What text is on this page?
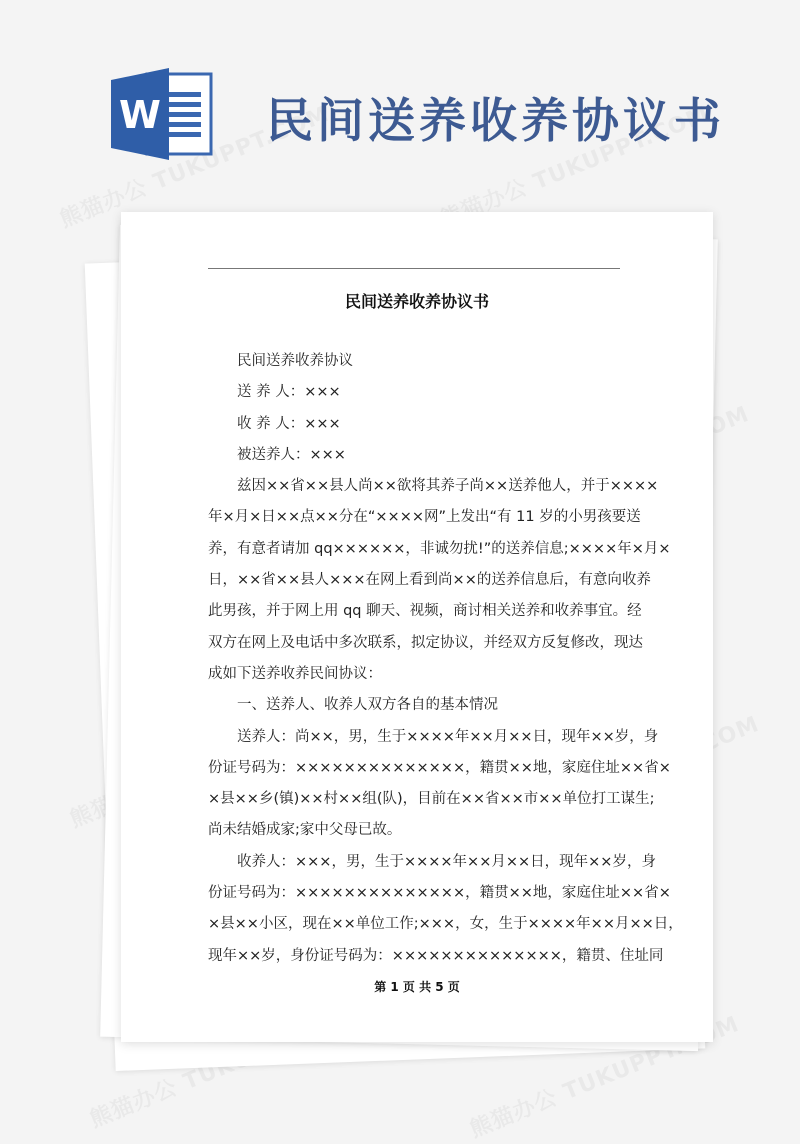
W 民间送养收养协议书
民间送养收养协议书
民间送养收养协议
送 养 人：×××
收 养 人：×××
被送养人：×××
兹因××省××县人尚××欲将其养子尚××送养他人，并于××××
年×月×日××点××分在“××××网”上发出“有 11 岁的小男孩要送
养，有意者请加 qq××××××，非诚勿扰!”的送养信息;××××年×月×
日，××省××县人×××在网上看到尚××的送养信息后，有意向收养
此男孩，并于网上用 qq 聊天、视频，商讨相关送养和收养事宜。经
双方在网上及电话中多次联系，拟定协议，并经双方反复修改，现达
成如下送养收养民间协议：
一、送养人、收养人双方各自的基本情况
送养人：尚××，男，生于××××年××月××日，现年××岁，身
份证号码为：××××××××××××××，籍贯××地，家庭住址××省×
×县××乡(镇)××村××组(队)，目前在××省××市××单位打工谋生;
尚未结婚成家;家中父母已故。
收养人：×××，男，生于××××年××月××日，现年××岁，身
份证号码为：××××××××××××××，籍贯××地，家庭住址××省×
×县××小区，现在××单位工作;×××，女，生于××××年××月××日，
现年××岁，身份证号码为：××××××××××××××，籍贯、住址同
第 1 页 共 5 页
